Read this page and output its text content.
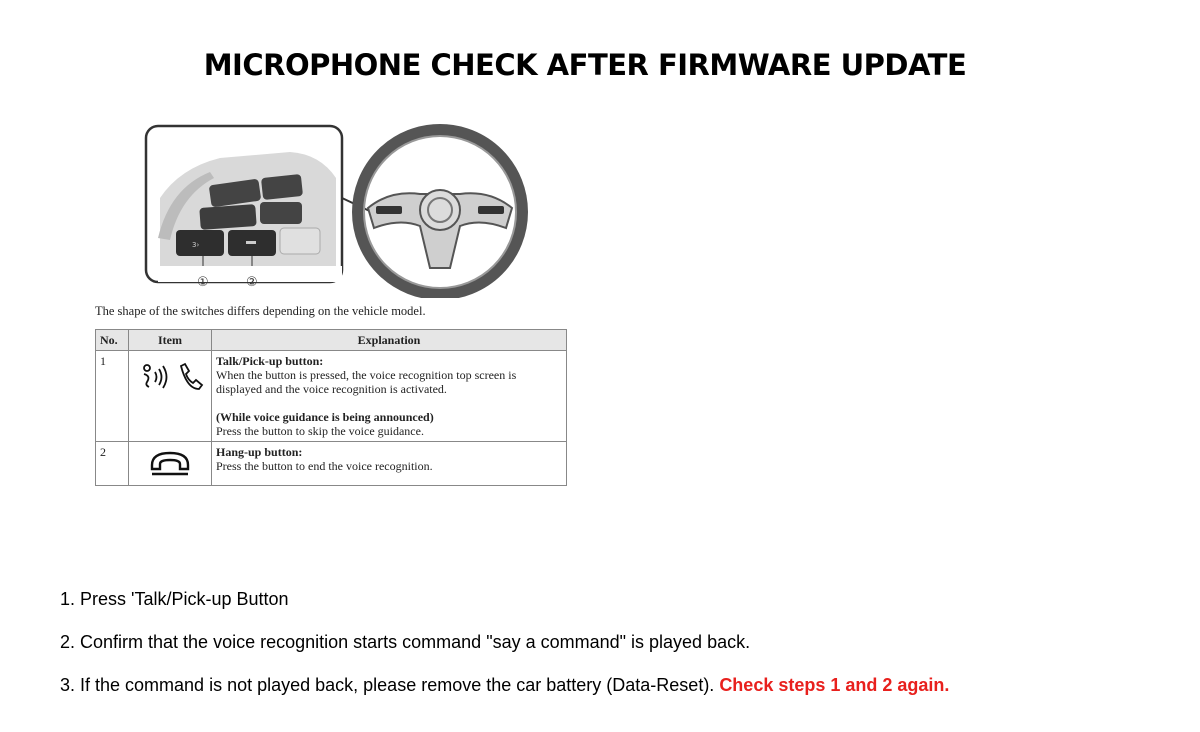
MICROPHONE CHECK AFTER FIRMWARE UPDATE
3›
①	②
The shape of the switches differs depending on the vehicle model.
No.	Item	Explanation
1		Talk/Pick-up button:
When the button is pressed, the voice recognition top screen is displayed and the voice recognition is activated.
(While voice guidance is being announced)
Press the button to skip the voice guidance.

2		Hang-up button:
Press the button to end the voice recognition.

1. Press 'Talk/Pick-up Button

2. Confirm that the voice recognition starts command "say a command" is played back.

3. If the command is not played back, please remove the car battery (Data-Reset). Check steps 1 and 2 again.
